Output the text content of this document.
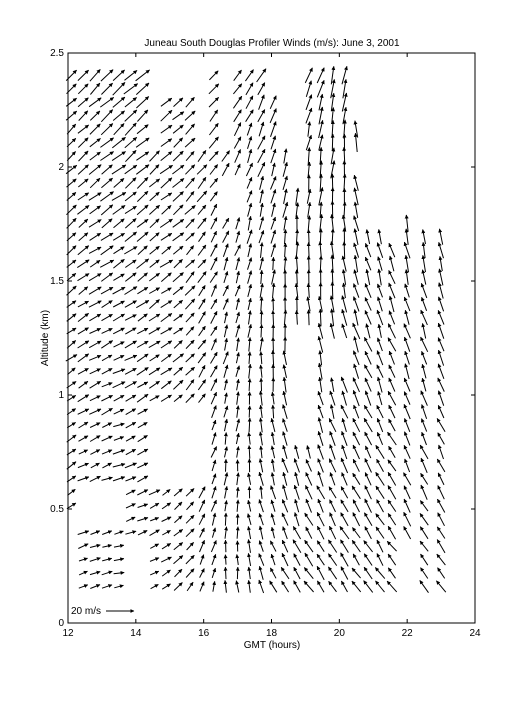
Juneau South Douglas Profiler Winds (m/s): June 3, 2001
12	14	16	18	20	22	24
0
0.5
1
1.5
2
2.5
20 m/s
GMT (hours)
Altitude (km)
